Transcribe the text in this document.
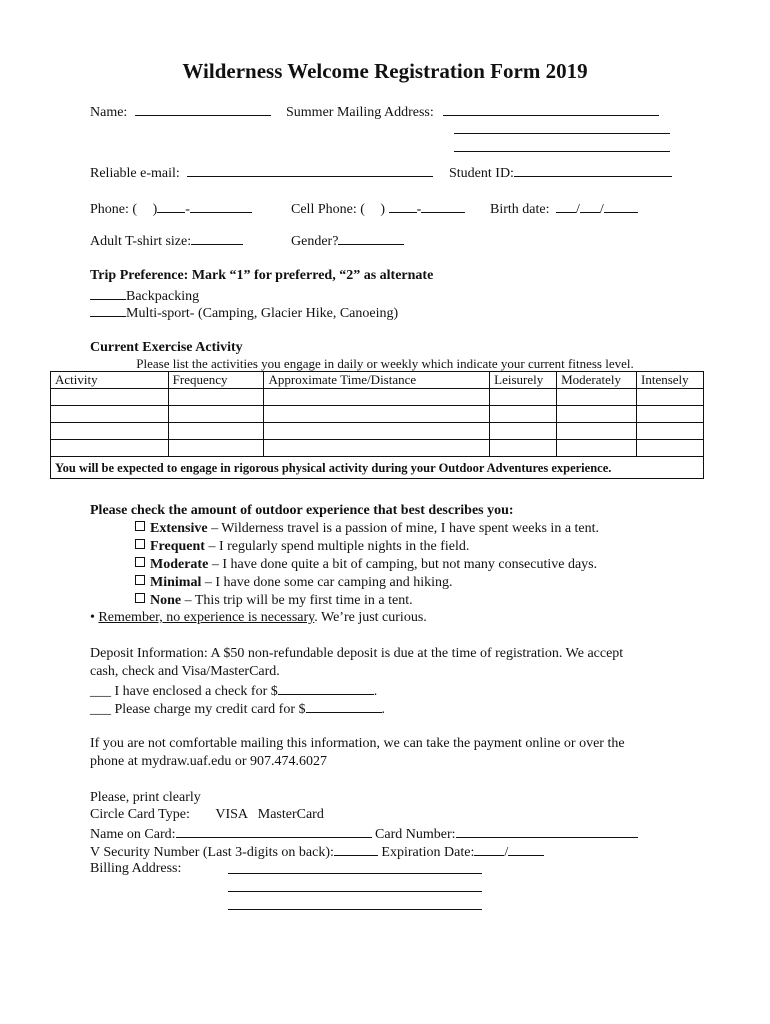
Wilderness Welcome Registration Form 2019
Name:	Summer Mailing Address:
Reliable e-mail:	Student ID:
Phone: ( ) -	Cell Phone: ( ) -	Birth date: / /
Adult T-shirt size:	Gender?
Trip Preference: Mark “1” for preferred, “2” as alternate
Backpacking
Multi-sport- (Camping, Glacier Hike, Canoeing)
Current Exercise Activity
Please list the activities you engage in daily or weekly which indicate your current fitness level.
Activity	Frequency	Approximate Time/Distance	Leisurely	Moderately	Intensely

You will be expected to engage in rigorous physical activity during your Outdoor Adventures experience.					
Please check the amount of outdoor experience that best describes you:
Extensive – Wilderness travel is a passion of mine, I have spent weeks in a tent.
Frequent – I regularly spend multiple nights in the field.
Moderate – I have done quite a bit of camping, but not many consecutive days.
Minimal – I have done some car camping and hiking.
None – This trip will be my first time in a tent.
• Remember, no experience is necessary. We’re just curious.
Deposit Information: A $50 non-refundable deposit is due at the time of registration. We accept
cash, check and Visa/MasterCard.
___ I have enclosed a check for $	.
___ Please charge my credit card for $	.
If you are not comfortable mailing this information, we can take the payment online or over the
phone at mydraw.uaf.edu or 907.474.6027
Please, print clearly
Circle Card Type: VISA   MasterCard
Name on Card:	Card Number:
V Security Number (Last 3-digits on back):	Expiration Date: /
Billing Address:
